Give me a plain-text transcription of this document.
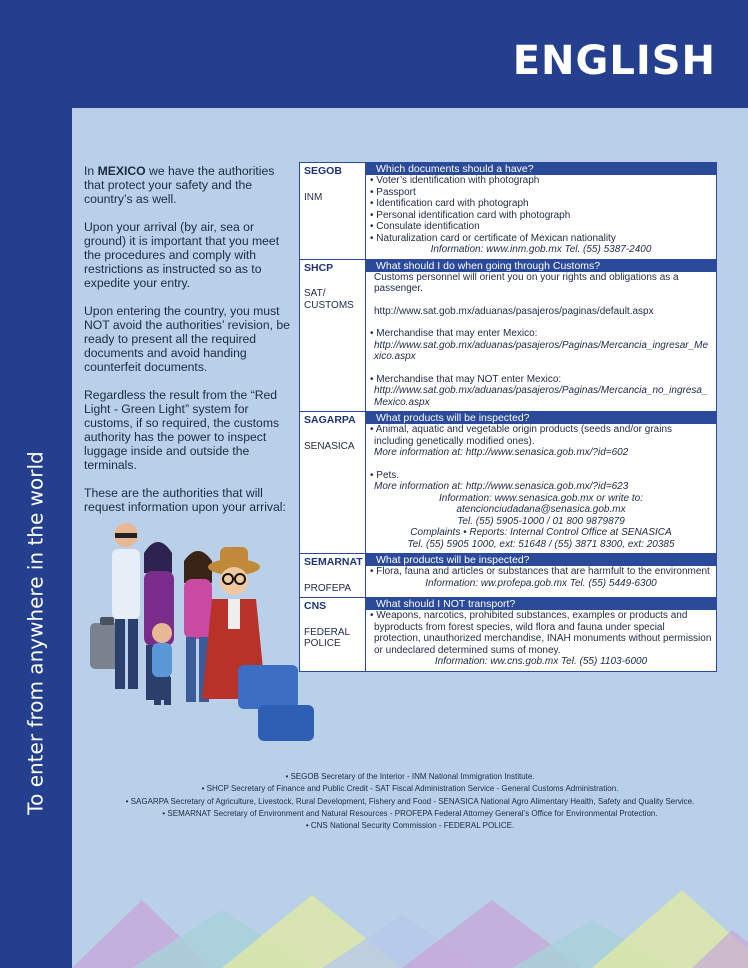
ENGLISH
To enter from anywhere in the world

In MEXICO we have the authorities that protect your safety and the country’s as well.

Upon your arrival (by air, sea or ground) it is important that you meet the procedures and comply with restrictions as instructed so as to expedite your entry.

Upon entering the country, you must NOT avoid the authorities’ revision, be ready to present all the required documents and avoid handing counterfeit documents.

Regardless the result from the “Red Light - Green Light” system for customs, if so required, the customs authority has the power to inspect luggage inside and outside the terminals.

These are the authorities that will request information upon your arrival:

SEGOB
INM
Which documents should a have?
• Voter’s identification with photograph
• Passport
• Identification card with photograph
• Personal identification card with photograph
• Consulate identification
• Naturalization card or certificate of Mexican nationality
Information: www.inm.gob.mx Tel. (55) 5387-2400
SHCP
SAT/ CUSTOMS
What should I do when going through Customs?
Customs personnel will orient you on your rights and obligations as a passenger.
http://www.sat.gob.mx/aduanas/pasajeros/paginas/default.aspx
• Merchandise that may enter Mexico:
http://www.sat.gob.mx/aduanas/pasajeros/Paginas/Mercancia_ingresar_Mexico.aspx
• Merchandise that may NOT enter Mexico:
http://www.sat.gob.mx/aduanas/pasajeros/Paginas/Mercancia_no_ingresa_Mexico.aspx
SAGARPA
SENASICA
What products will be inspected?
• Animal, aquatic and vegetable origin products (seeds and/or grains including genetically modified ones).
More information at: http://www.senasica.gob.mx/?id=602
• Pets.
More information at: http://www.senasica.gob.mx/?id=623
Information: www.senasica.gob.mx or write to:
atencionciudadana@senasica.gob.mx
Tel. (55) 5905-1000 / 01 800 9879879
Complaints • Reports: Internal Control Office at SENASICA
Tel. (55) 5905 1000, ext: 51648 / (55) 3871 8300, ext: 20385
SEMARNAT
PROFEPA
What products will be inspected?
• Flora, fauna and articles or substances that are harmfult to the environment
Information: ww.profepa.gob.mx Tel. (55) 5449-6300
CNS
FEDERAL POLICE
What should I NOT transport?
• Weapons, narcotics, prohibited substances, examples or products and byproducts from forest species, wild flora and fauna under special protection, unauthorized merchandise, INAH monuments without permission or undeclared determined sums of money.
Information: ww.cns.gob.mx Tel. (55) 1103-6000
• SEGOB Secretary of the Interior - INM National Immigration Institute.
• SHCP Secretary of Finance and Public Credit - SAT Fiscal Administration Service - General Customs Administration.
• SAGARPA Secretary of Agriculture, Livestock, Rural Development, Fishery and Food - SENASICA National Agro Alimentary Health, Safety and Quality Service.
• SEMARNAT Secretary of Environment and Natural Resources - PROFEPA Federal Attorney General’s Office for Environmental Protection.
• CNS National Security Commission - FEDERAL POLICE.
